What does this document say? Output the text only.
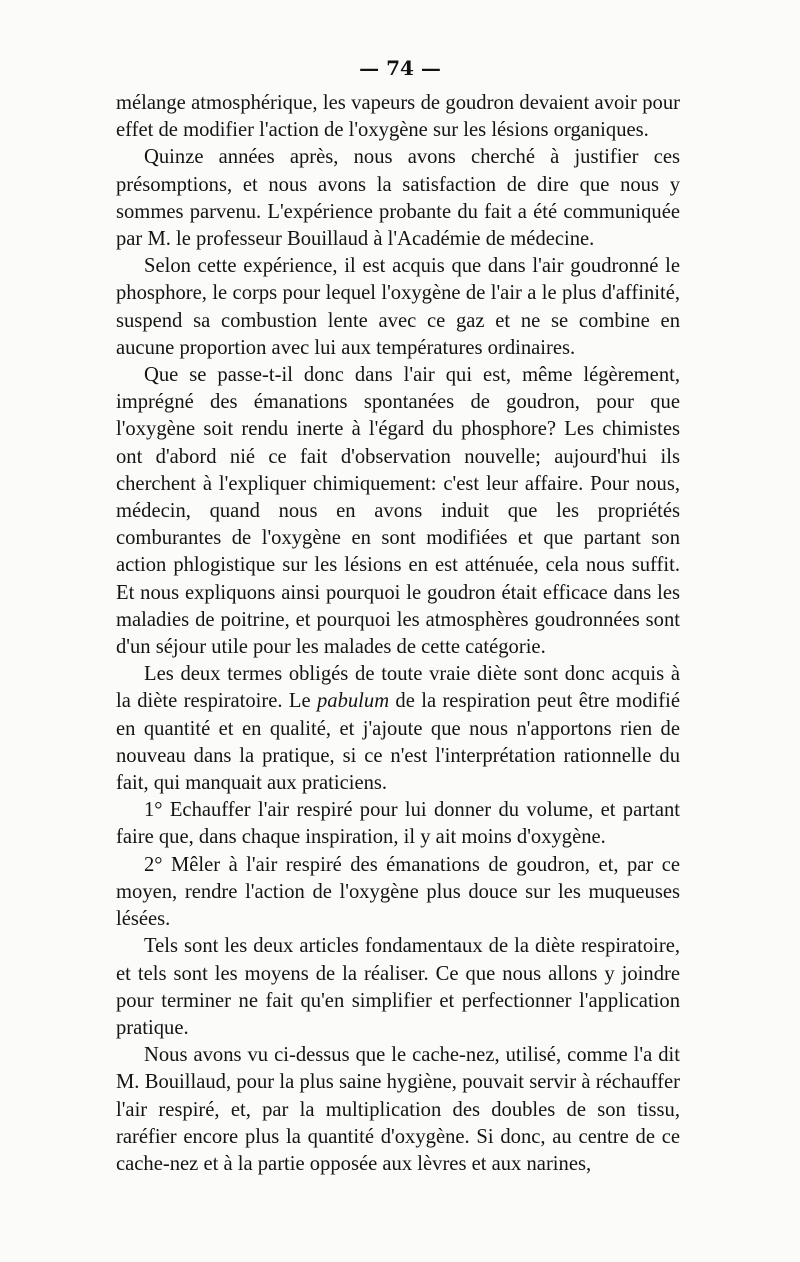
— 74 —

mélange atmosphérique, les vapeurs de goudron devaient avoir pour effet de modifier l'action de l'oxygène sur les lésions organiques.

Quinze années après, nous avons cherché à justifier ces présomptions, et nous avons la satisfaction de dire que nous y sommes parvenu. L'expérience probante du fait a été communiquée par M. le professeur Bouillaud à l'Académie de médecine.

Selon cette expérience, il est acquis que dans l'air goudronné le phosphore, le corps pour lequel l'oxygène de l'air a le plus d'affinité, suspend sa combustion lente avec ce gaz et ne se combine en aucune proportion avec lui aux températures ordinaires.

Que se passe-t-il donc dans l'air qui est, même légèrement, imprégné des émanations spontanées de goudron, pour que l'oxygène soit rendu inerte à l'égard du phosphore? Les chimistes ont d'abord nié ce fait d'observation nouvelle; aujourd'hui ils cherchent à l'expliquer chimiquement: c'est leur affaire. Pour nous, médecin, quand nous en avons induit que les propriétés comburantes de l'oxygène en sont modifiées et que partant son action phlogistique sur les lésions en est atténuée, cela nous suffit. Et nous expliquons ainsi pourquoi le goudron était efficace dans les maladies de poitrine, et pourquoi les atmosphères goudronnées sont d'un séjour utile pour les malades de cette catégorie.

Les deux termes obligés de toute vraie diète sont donc acquis à la diète respiratoire. Le pabulum de la respiration peut être modifié en quantité et en qualité, et j'ajoute que nous n'apportons rien de nouveau dans la pratique, si ce n'est l'interprétation rationnelle du fait, qui manquait aux praticiens.

1° Echauffer l'air respiré pour lui donner du volume, et partant faire que, dans chaque inspiration, il y ait moins d'oxygène.

2° Mêler à l'air respiré des émanations de goudron, et, par ce moyen, rendre l'action de l'oxygène plus douce sur les muqueuses lésées.

Tels sont les deux articles fondamentaux de la diète respiratoire, et tels sont les moyens de la réaliser. Ce que nous allons y joindre pour terminer ne fait qu'en simplifier et perfectionner l'application pratique.

Nous avons vu ci-dessus que le cache-nez, utilisé, comme l'a dit M. Bouillaud, pour la plus saine hygiène, pouvait servir à réchauffer l'air respiré, et, par la multiplication des doubles de son tissu, raréfier encore plus la quantité d'oxygène. Si donc, au centre de ce cache-nez et à la partie opposée aux lèvres et aux narines,
